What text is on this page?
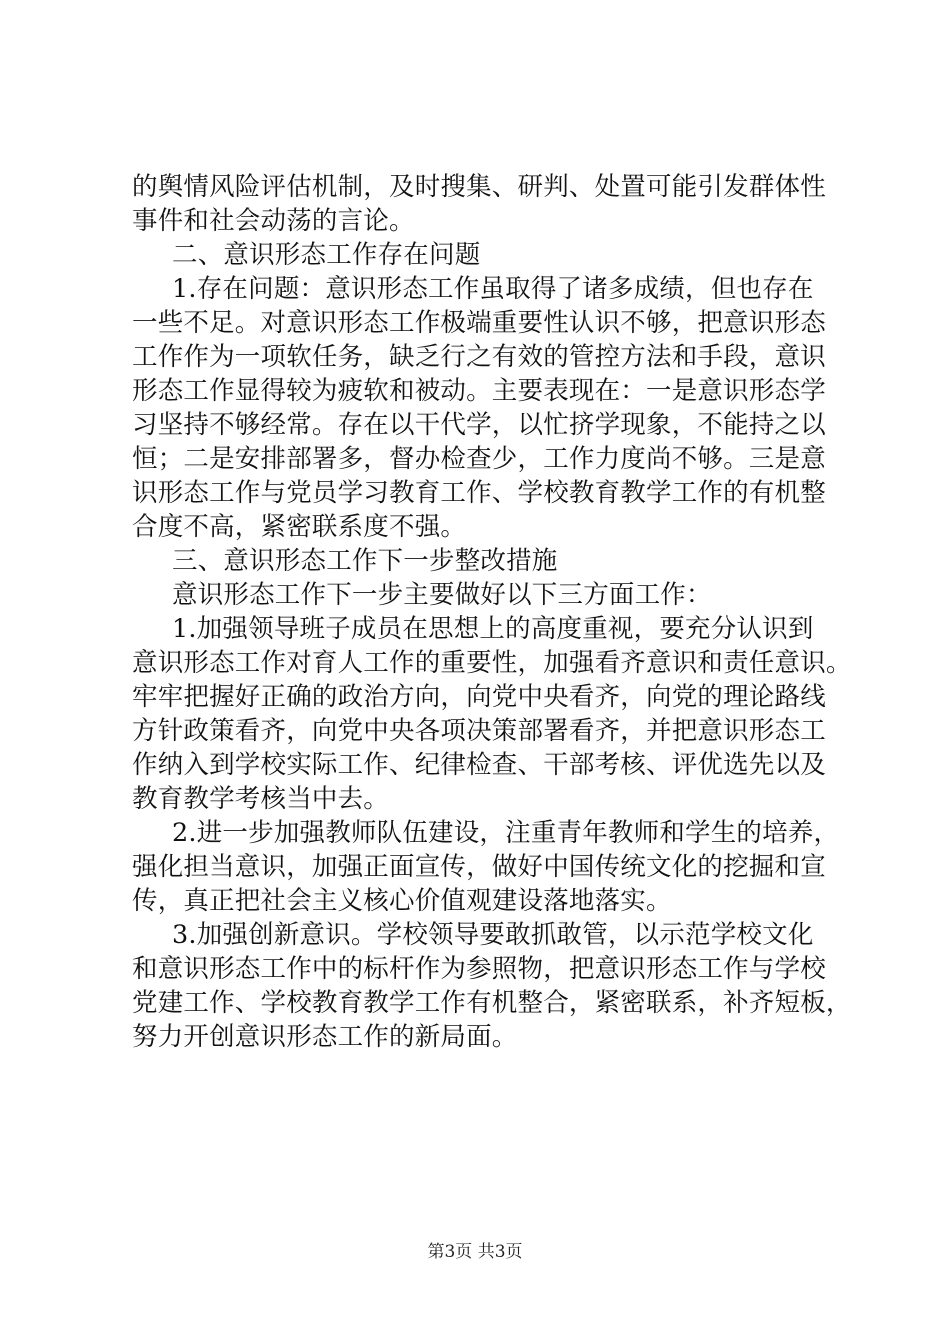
的舆情风险评估机制，及时搜集、研判、处置可能引发群体性
事件和社会动荡的言论。
二、意识形态工作存在问题
1.存在问题：意识形态工作虽取得了诸多成绩，但也存在
一些不足。对意识形态工作极端重要性认识不够，把意识形态
工作作为一项软任务，缺乏行之有效的管控方法和手段，意识
形态工作显得较为疲软和被动。主要表现在：一是意识形态学
习坚持不够经常。存在以干代学，以忙挤学现象，不能持之以
恒；二是安排部署多，督办检查少，工作力度尚不够。三是意
识形态工作与党员学习教育工作、学校教育教学工作的有机整
合度不高，紧密联系度不强。
三、意识形态工作下一步整改措施
意识形态工作下一步主要做好以下三方面工作：
1.加强领导班子成员在思想上的高度重视，要充分认识到
意识形态工作对育人工作的重要性，加强看齐意识和责任意识。
牢牢把握好正确的政治方向，向党中央看齐，向党的理论路线
方针政策看齐，向党中央各项决策部署看齐，并把意识形态工
作纳入到学校实际工作、纪律检查、干部考核、评优选先以及
教育教学考核当中去。
2.进一步加强教师队伍建设，注重青年教师和学生的培养，
强化担当意识，加强正面宣传，做好中国传统文化的挖掘和宣
传，真正把社会主义核心价值观建设落地落实。
3.加强创新意识。学校领导要敢抓敢管，以示范学校文化
和意识形态工作中的标杆作为参照物，把意识形态工作与学校
党建工作、学校教育教学工作有机整合，紧密联系，补齐短板，
努力开创意识形态工作的新局面。
第3页 共3页
